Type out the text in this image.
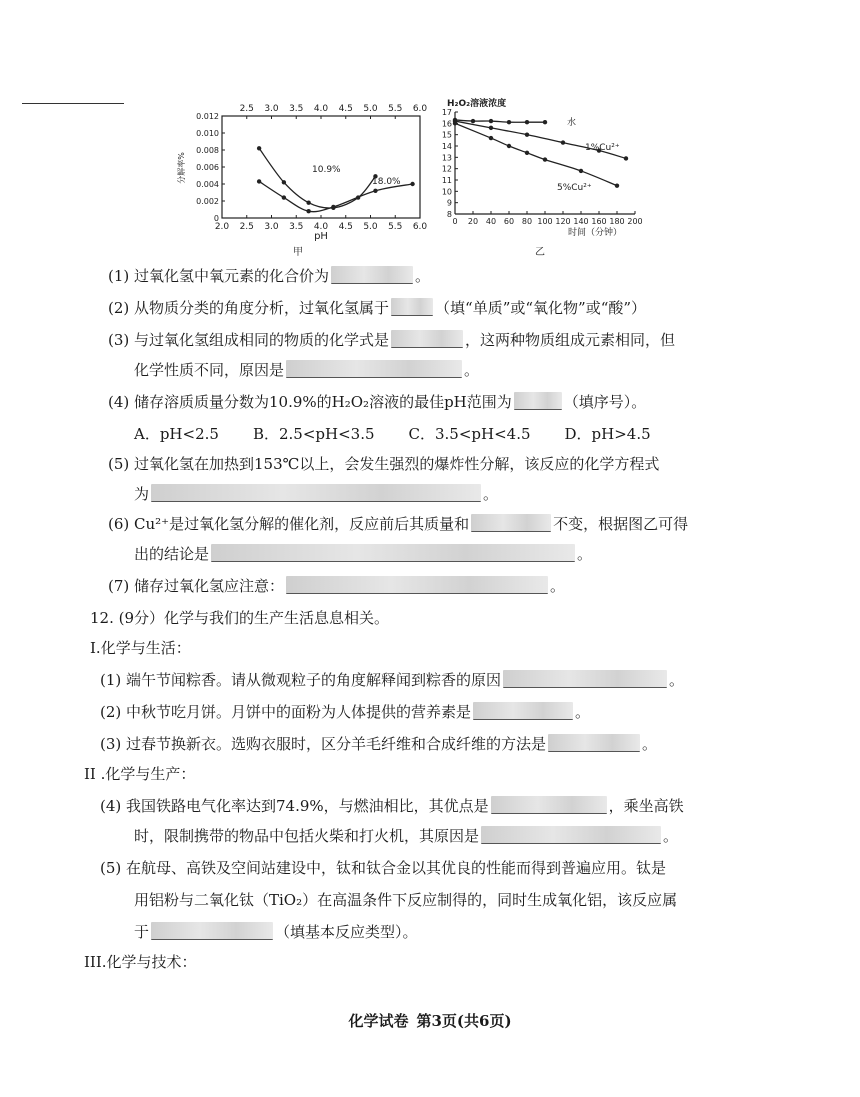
2.0 2.5 3.0 3.5 4.0 4.5 5.0 5.5 6.0
2.5 3.0 3.5 4.0 4.5 5.0 5.5 6.0
0
0.002
0.004
0.006
0.008
0.010
0.012
pH
分解率%	10.9%
18.0%
甲
0 20 40 60 80 100 120 140 160 180 200
8
9
10
11
12
13
14
15
16
17
H₂O₂溶液浓度
时间（分钟）
水
1%Cu²⁺
5%Cu²⁺
乙
(1) 过氧化氢中氧元素的化合价为	。
(2) 从物质分类的角度分析，过氧化氢属于	（填“单质”或“氧化物”或“酸”）
(3) 与过氧化氢组成相同的物质的化学式是	，这两种物质组成元素相同，但
化学性质不同，原因是	。
(4) 储存溶质质量分数为10.9%的H₂O₂溶液的最佳pH范围为	（填序号）。
A．pH<2.5 B．2.5<pH<3.5 C．3.5<pH<4.5 D．pH>4.5
(5) 过氧化氢在加热到153℃以上，会发生强烈的爆炸性分解，该反应的化学方程式
为	。
(6) Cu²⁺是过氧化氢分解的催化剂，反应前后其质量和	不变，根据图乙可得
出的结论是	。
(7) 储存过氧化氢应注意：	。
12. (9分）化学与我们的生产生活息息相关。
I.化学与生活：
(1) 端午节闻粽香。请从微观粒子的角度解释闻到粽香的原因	。
(2) 中秋节吃月饼。月饼中的面粉为人体提供的营养素是	。
(3) 过春节换新衣。选购衣服时，区分羊毛纤维和合成纤维的方法是	。
II .化学与生产：
(4) 我国铁路电气化率达到74.9%，与燃油相比，其优点是	，乘坐高铁
时，限制携带的物品中包括火柴和打火机，其原因是	。
(5) 在航母、高铁及空间站建设中，钛和钛合金以其优良的性能而得到普遍应用。钛是
用铝粉与二氧化钛（TiO₂）在高温条件下反应制得的，同时生成氧化铝，该反应属
于	（填基本反应类型）。
III.化学与技术：
化学试卷 第3页(共6页)
